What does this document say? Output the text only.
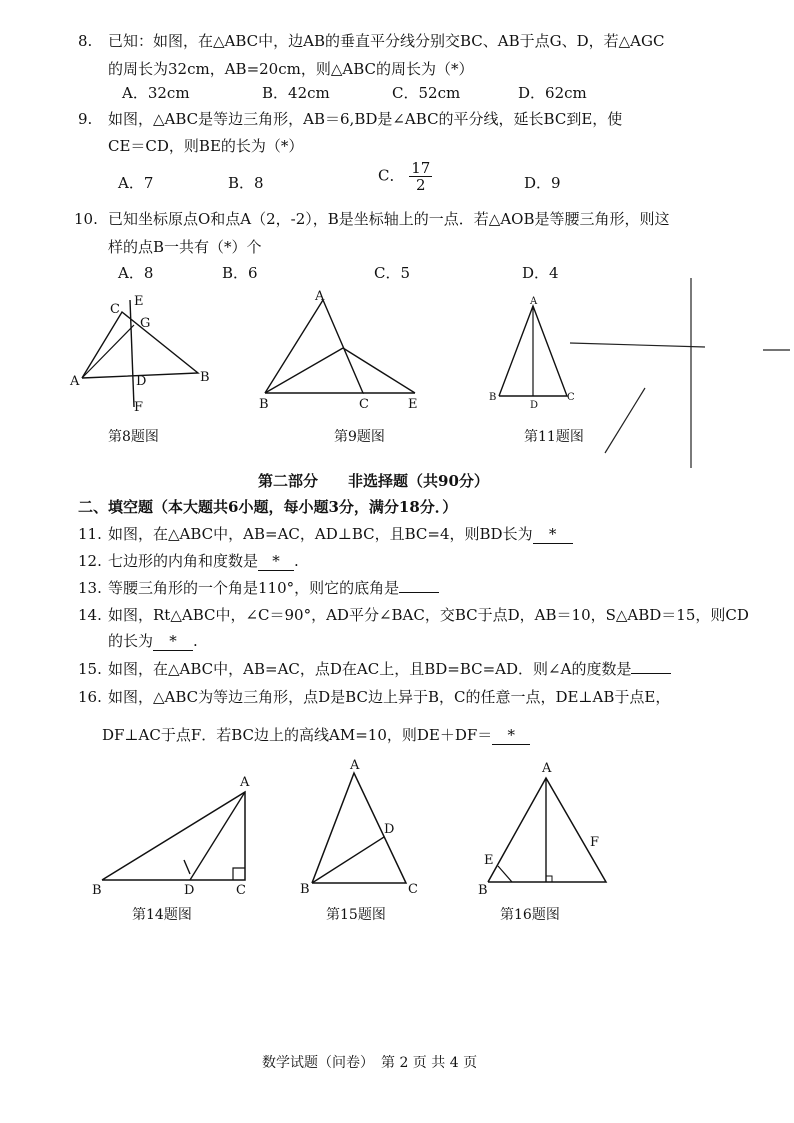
8. 已知：如图，在△ABC中，边AB的垂直平分线分别交BC、AB于点G、D，若△AGC
的周长为32cm，AB=20cm，则△ABC的周长为（*）
A．32cm	B．42cm	C．52cm	D．62cm
9. 如图，△ABC是等边三角形，AB＝6,BD是∠ABC的平分线，延长BC到E，使
CE＝CD，则BE的长为（*）
A．7	B．8	C． $\frac{17}{2}$	D．9
10. 已知坐标原点O和点A（2，-2），B是坐标轴上的一点．若△AOB是等腰三角形，则这
样的点B一共有（*）个
A．8	B．6	C．5	D．4
A	B
C
D
E
F
G
第8题图
A
B	C	E
第9题图
A
B	C
D
第11题图
第二部分　　非选择题（共90分）
二、填空题（本大题共6小题，每小题3分，满分18分．）
11. 如图，在△ABC中，AB=AC，AD⊥BC，且BC=4，则BD长为 *
12. 七边形的内角和度数是 * .
13. 等腰三角形的一个角是110°，则它的底角是
14. 如图，Rt△ABC中，∠C＝90°，AD平分∠BAC，交BC于点D，AB＝10，S△ABD＝15，则CD
的长为 * .
15. 如图，在△ABC中，AB=AC，点D在AC上，且BD=BC=AD．则∠A的度数是
16. 如图，△ABC为等边三角形，点D是BC边上异于B，C的任意一点，DE⊥AB于点E，
DF⊥AC于点F．若BC边上的高线AM=10，则DE＋DF＝ *
A
B	C
D
第14题图
A
B	C
D
第15题图
A
B
E
F
第16题图
数学试题（问卷）　第 2 页 共 4 页
